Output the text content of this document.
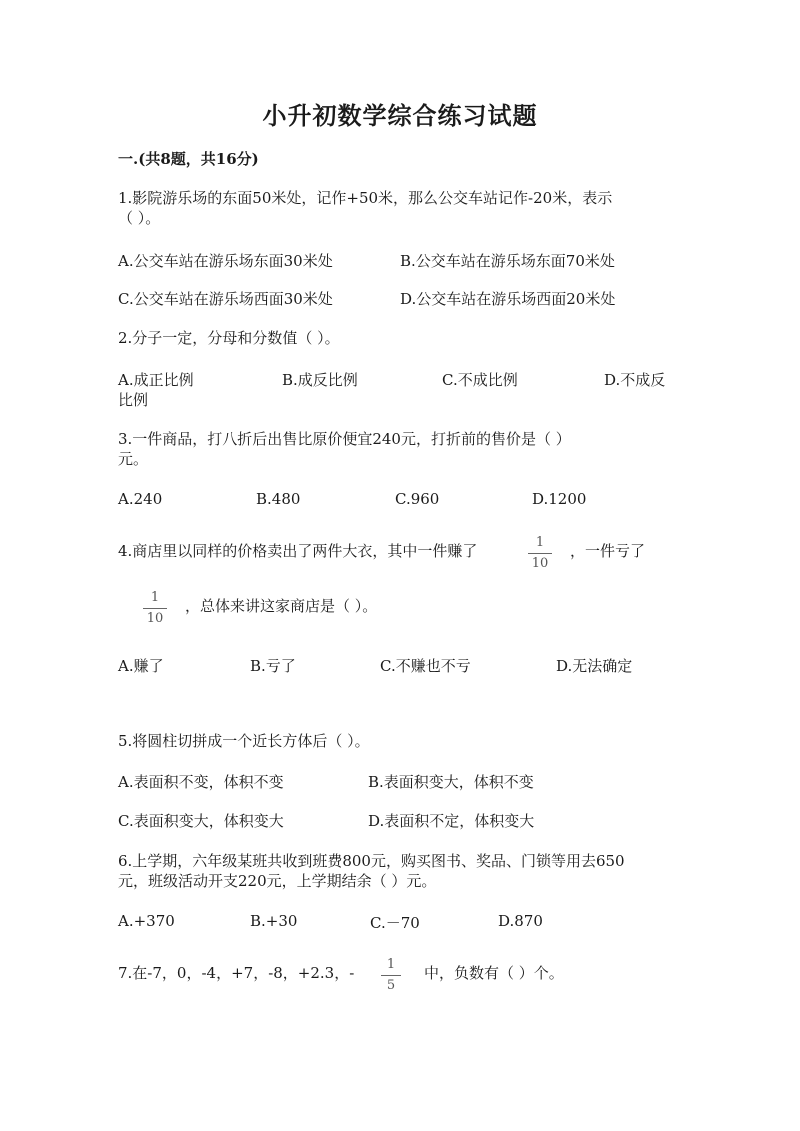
小升初数学综合练习试题
一.(共8题，共16分)
1.影院游乐场的东面50米处，记作+50米，那么公交车站记作-20米，表示
（ ）。
A.公交车站在游乐场东面30米处	B.公交车站在游乐场东面70米处
C.公交车站在游乐场西面30米处	D.公交车站在游乐场西面20米处
2.分子一定，分母和分数值（ ）。
A.成正比例	B.成反比例	C.不成比例	D.不成反
比例
3.一件商品，打八折后出售比原价便宜240元，打折前的售价是（ ）
元。
A.240	B.480	C.960	D.1200
4.商店里以同样的价格卖出了两件大衣，其中一件赚了	1
10
，一件亏了
1
10
，总体来讲这家商店是（ ）。
A.赚了	B.亏了	C.不赚也不亏	D.无法确定
5.将圆柱切拼成一个近长方体后（ ）。
A.表面积不变，体积不变	B.表面积变大，体积不变
C.表面积变大，体积变大	D.表面积不定，体积变大
6.上学期，六年级某班共收到班费800元，购买图书、奖品、门锁等用去650
元，班级活动开支220元，上学期结余（ ）元。
A.+370	B.+30	C.－70	D.870
7.在-7，0，-4，+7，-8，+2.3，-	1
5
中，负数有（ ）个。
